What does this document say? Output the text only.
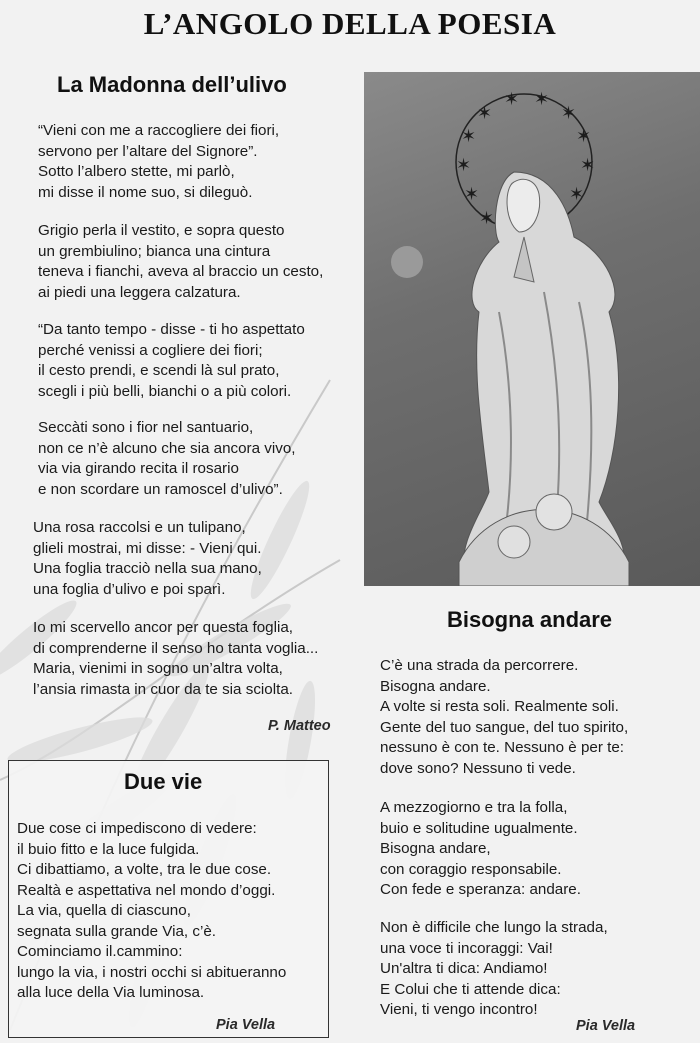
L’ANGOLO DELLA POESIA
La Madonna dell’ulivo
“Vieni con me a raccogliere dei fiori,
servono per l’altare del Signore”.
Sotto l’albero stette, mi parlò,
mi disse il nome suo, si dileguò.
Grigio perla il vestito, e sopra questo
un grembiulino; bianca una cintura
teneva i fianchi, aveva al braccio un cesto,
ai piedi una leggera calzatura.
“Da tanto tempo - disse - ti ho aspettato
perché venissi a cogliere dei fiori;
il cesto prendi, e scendi là sul prato,
scegli i più belli, bianchi o a più colori.
Seccàti sono i fior nel santuario,
non ce n’è alcuno che sia ancora vivo,
via via girando recita il rosario
e non scordare un ramoscel d’ulivo”.
Una rosa raccolsi e un tulipano,
glieli mostrai, mi disse: - Vieni qui.
Una foglia tracciò nella sua mano,
una foglia d’ulivo e poi sparì.
Io mi scervello ancor per questa foglia,
di comprenderne il senso ho tanta voglia...
Maria, vienimi in sogno un’altra volta,
l’ansia rimasta in cuor da te sia sciolta.
P. Matteo
✶
✶
✶
✶ ✶
✶
✶
✶
✶
✶
✶
Bisogna andare
C’è una strada da percorrere.
Bisogna andare.
A volte si resta soli. Realmente soli.
Gente del tuo sangue, del tuo spirito,
nessuno è con te. Nessuno è per te:
dove sono? Nessuno ti vede.
A mezzogiorno e tra la folla,
buio e solitudine ugualmente.
Bisogna andare,
con coraggio responsabile.
Con fede e speranza: andare.
Non è difficile che lungo la strada,
una voce ti incoraggi: Vai!
Un'altra ti dica: Andiamo!
E Colui che ti attende dica:
Vieni, ti vengo incontro!
Pia Vella
Due vie
Due cose ci impediscono di vedere:
il buio fitto e la luce fulgida.
Ci dibattiamo, a volte, tra le due cose.
Realtà e aspettativa nel mondo d’oggi.
La via, quella di ciascuno,
segnata sulla grande Via, c’è.
Cominciamo il.cammino:
lungo la via, i nostri occhi si abitueranno
alla luce della Via luminosa.
Pia Vella
